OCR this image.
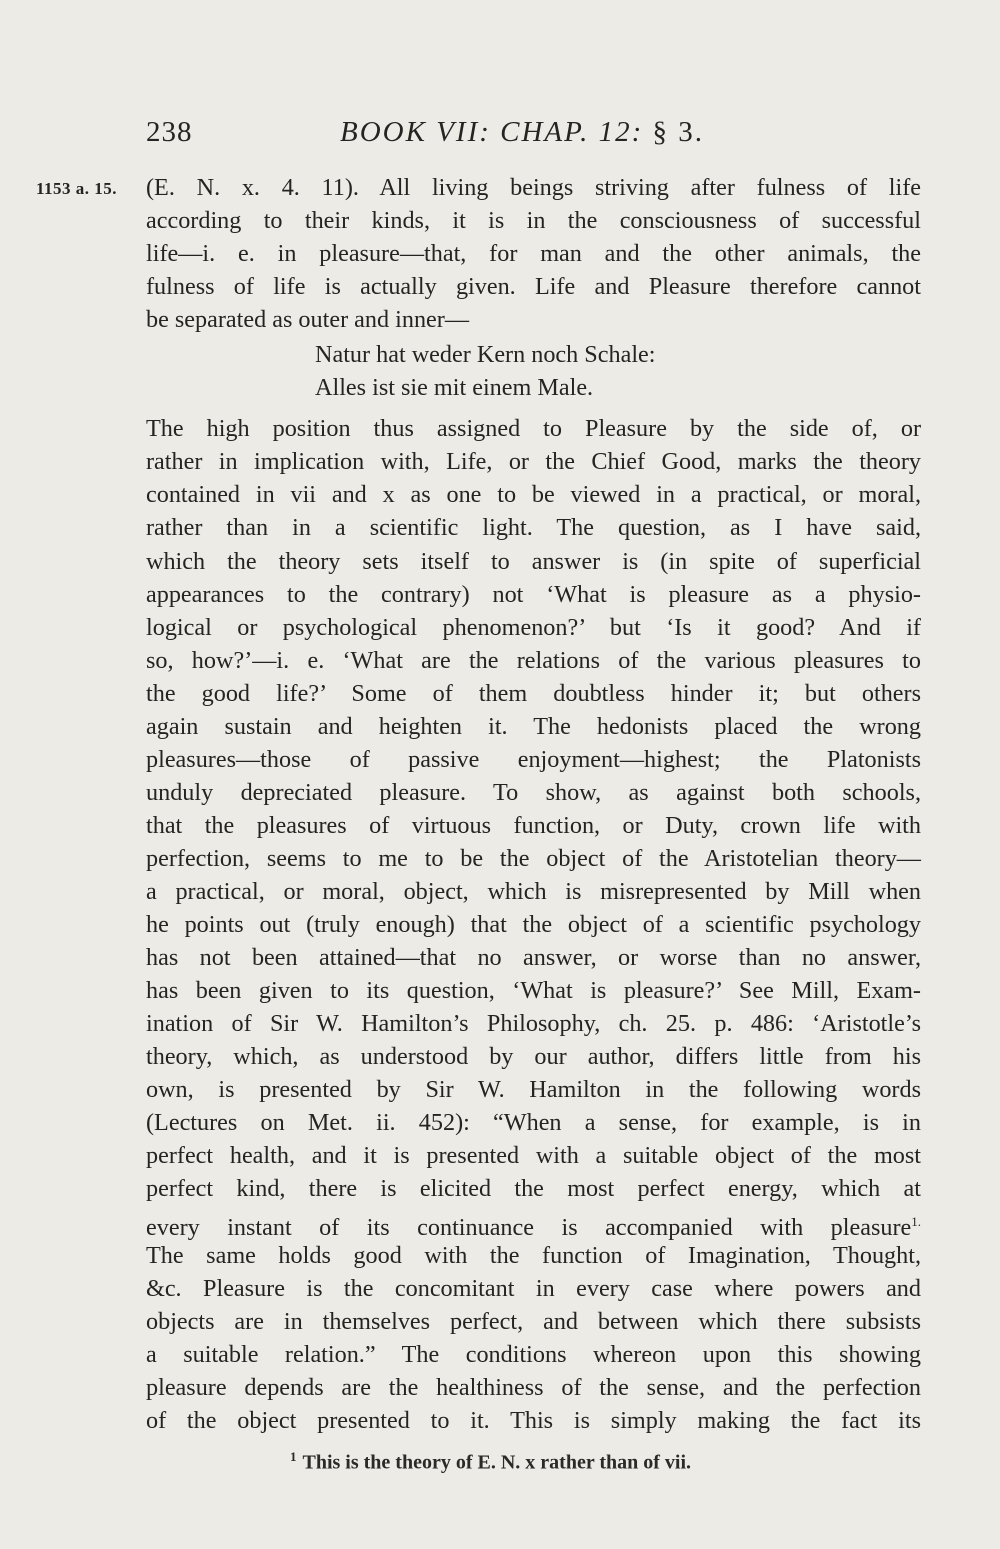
238	BOOK VII: CHAP. 12: § 3.
1153 a. 15. (E. N. x. 4. 11). All living beings striving after fulness of life
according to their kinds, it is in the consciousness of successful
life—i. e. in pleasure—that, for man and the other animals, the
fulness of life is actually given. Life and Pleasure therefore cannot
be separated as outer and inner—
Natur hat weder Kern noch Schale:
Alles ist sie mit einem Male.
The high position thus assigned to Pleasure by the side of, or
rather in implication with, Life, or the Chief Good, marks the theory
contained in vii and x as one to be viewed in a practical, or moral,
rather than in a scientific light. The question, as I have said,
which the theory sets itself to answer is (in spite of superficial
appearances to the contrary) not ‘What is pleasure as a physio-
logical or psychological phenomenon?’ but ‘Is it good? And if
so, how?’—i. e. ‘What are the relations of the various pleasures to
the good life?’ Some of them doubtless hinder it; but others
again sustain and heighten it. The hedonists placed the wrong
pleasures—those of passive enjoyment—highest; the Platonists
unduly depreciated pleasure. To show, as against both schools,
that the pleasures of virtuous function, or Duty, crown life with
perfection, seems to me to be the object of the Aristotelian theory—
a practical, or moral, object, which is misrepresented by Mill when
he points out (truly enough) that the object of a scientific psychology
has not been attained—that no answer, or worse than no answer,
has been given to its question, ‘What is pleasure?’ See Mill, Exam-
ination of Sir W. Hamilton’s Philosophy, ch. 25. p. 486: ‘Aristotle’s
theory, which, as understood by our author, differs little from his
own, is presented by Sir W. Hamilton in the following words
(Lectures on Met. ii. 452): “When a sense, for example, is in
perfect health, and it is presented with a suitable object of the most
perfect kind, there is elicited the most perfect energy, which at
every instant of its continuance is accompanied with pleasure$^{1.}$
The same holds good with the function of Imagination, Thought,
&c. Pleasure is the concomitant in every case where powers and
objects are in themselves perfect, and between which there subsists
a suitable relation.” The conditions whereon upon this showing
pleasure depends are the healthiness of the sense, and the perfection
of the object presented to it. This is simply making the fact its
$^1$ This is the theory of E. N. x rather than of vii.
